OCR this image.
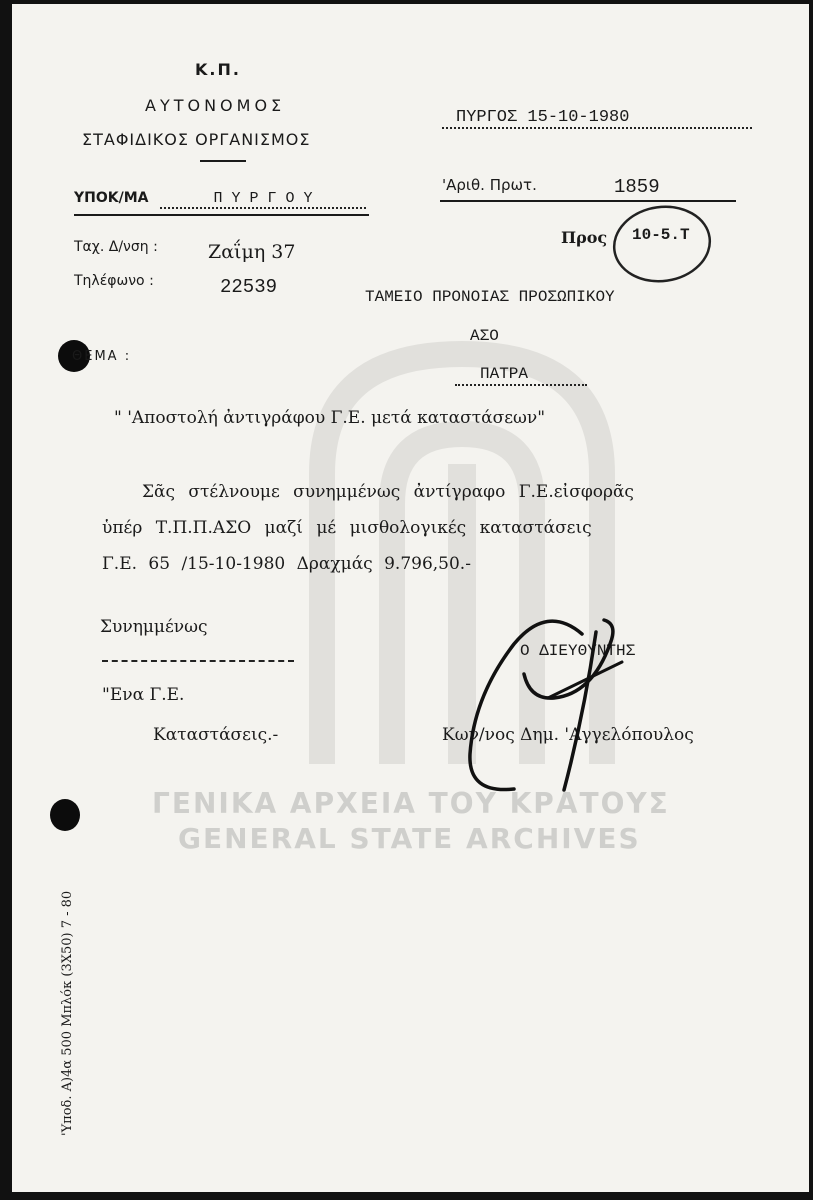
ΓΕΝΙΚΑ ΑΡΧΕΙΑ ΤΟΥ ΚΡΑΤΟΥΣ
GENERAL STATE ARCHIVES
Κ.Π.
ΑΥΤΟΝΟΜΟΣ
ΣΤΑΦΙΔΙΚΟΣ ΟΡΓΑΝΙΣΜΟΣ
ΥΠΟΚ/ΜΑ	Π Υ Ρ Γ Ο Υ
Ταχ. Δ/νση :	Ζαΐμη 37
Τηλέφωνο :	22539
ΠΥΡΓΟΣ 15-10-1980
'Αριθ. Πρωτ.	1859
Προς 10-5.Τ
ΤΑΜΕΙΟ ΠΡΟΝΟΙΑΣ ΠΡΟΣΩΠΙΚΟΥ
ΑΣΟ
ΠΑΤΡΑ
ΘΕΜΑ :
" 'Αποστολή ἀντιγράφου Γ.Ε. μετά καταστάσεων"
Σᾶς στέλνουμε συνημμένως ἀντίγραφο Γ.Ε.εἰσφορᾶς
ὑπέρ Τ.Π.Π.ΑΣΟ μαζί μέ μισθολογικές καταστάσεις
Γ.Ε. 65 /15-10-1980 Δραχμάς 9.796,50.-
Συνημμένως
"Ενα Γ.Ε.
Καταστάσεις.-
Ο ΔΙΕΥΘΥΝΤΗΣ
Κων/νος Δημ. 'Αγγελόπουλος
'Υποδ. Α)4α 500 Μπλόκ (3Χ50) 7 - 80
